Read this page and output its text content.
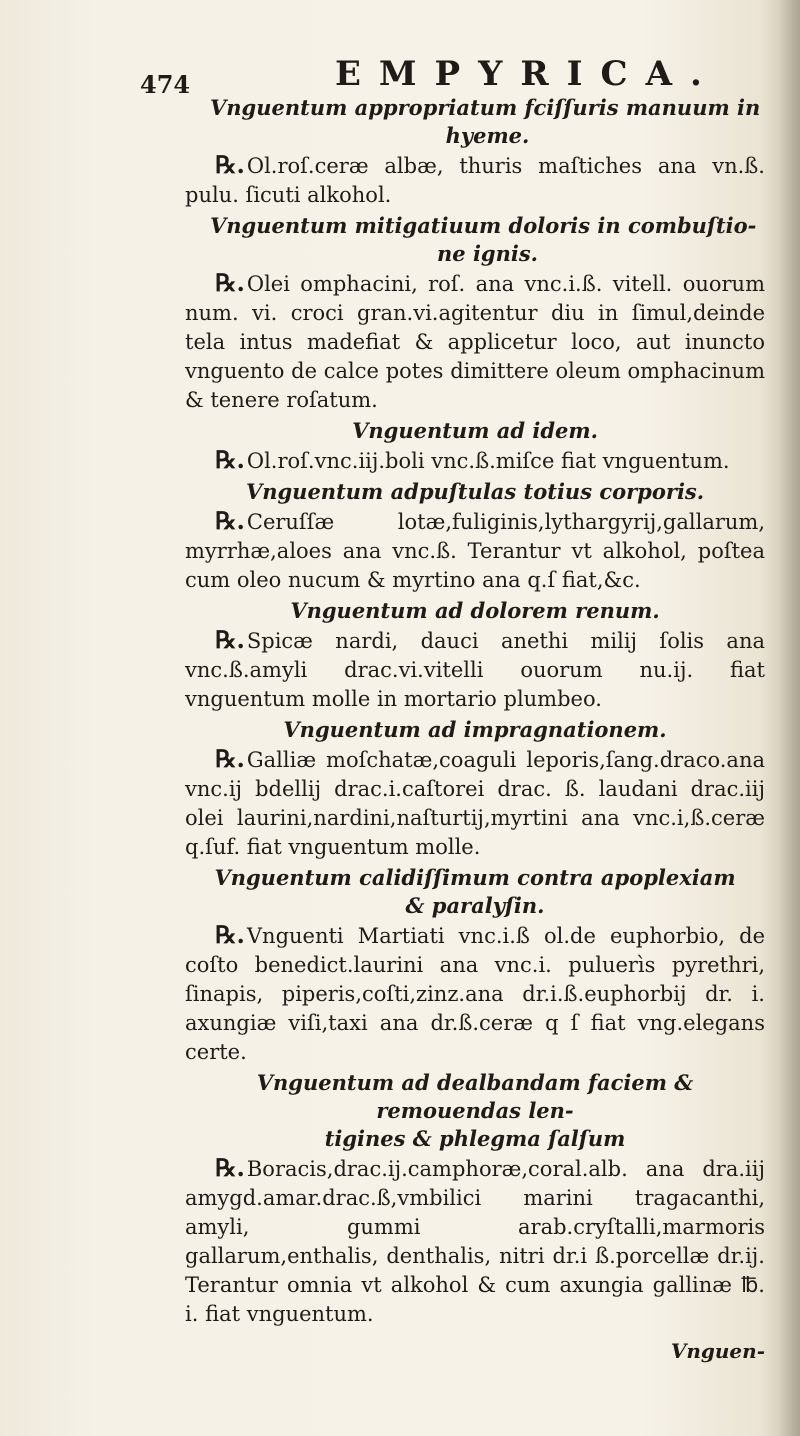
474	EMPYRICA.
Vnguentum appropriatum fciſſuris manuum in
hyeme.

℞.Ol.roſ.ceræ albæ, thuris maſtiches ana vn.ß. pulu. ſicuti alkohol.

Vnguentum mitigatiuum doloris in combuſtio-
ne ignis.

℞.Olei omphacini, roſ. ana vnc.i.ß. vitell. ouorum num. vi. croci gran.vi.agitentur diu in ſimul,deinde tela intus madefiat & applicetur loco, aut inuncto vnguento de calce potes dimittere oleum omphacinum & tenere roſatum.

Vnguentum ad idem.

℞.Ol.roſ.vnc.iij.boli vnc.ß.miſce fiat vnguentum.

Vnguentum adpuſtulas totius corporis.

℞.Ceruſſæ lotæ,fuliginis,lythargyrij,gallarum, myrrhæ,aloes ana vnc.ß. Terantur vt alkohol, poſtea cum oleo nucum & myrtino ana q.ſ fiat,&c.

Vnguentum ad dolorem renum.

℞.Spicæ nardi, dauci anethi milij ſolis ana vnc.ß.amyli drac.vi.vitelli ouorum nu.ij. fiat vnguentum molle in mortario plumbeo.

Vnguentum ad impragnationem.

℞.Galliæ moſchatæ,coaguli leporis,ſang.draco.ana vnc.ij bdellij drac.i.caſtorei drac. ß. laudani drac.iij olei laurini,nardini,naſturtij,myrtini ana vnc.i,ß.ceræ q.ſuf. fiat vnguentum molle.

Vnguentum calidiſſimum contra apoplexiam
& paralyſin.

℞.Vnguenti Martiati vnc.i.ß ol.de euphorbio, de coſto benedict.laurini ana vnc.i. puluerìs pyrethri, ſinapis, piperis,coſti,zinz.ana dr.i.ß.euphorbij dr. i. axungiæ viſi,taxi ana dr.ß.ceræ q ſ fiat vng.elegans certe.

Vnguentum ad dealbandam faciem & remouendas len-
tigines & phlegma ſalſum

℞.Boracis,drac.ij.camphoræ,coral.alb. ana dra.iij amygd.amar.drac.ß,vmbilici marini tragacanthi, amyli, gummi arab.cryſtalli,marmoris gallarum,enthalis, denthalis, nitri dr.i ß.porcellæ dr.ij. Terantur omnia vt alkohol & cum axungia gallinæ ℔. i. fiat vnguentum.

Vnguen-
